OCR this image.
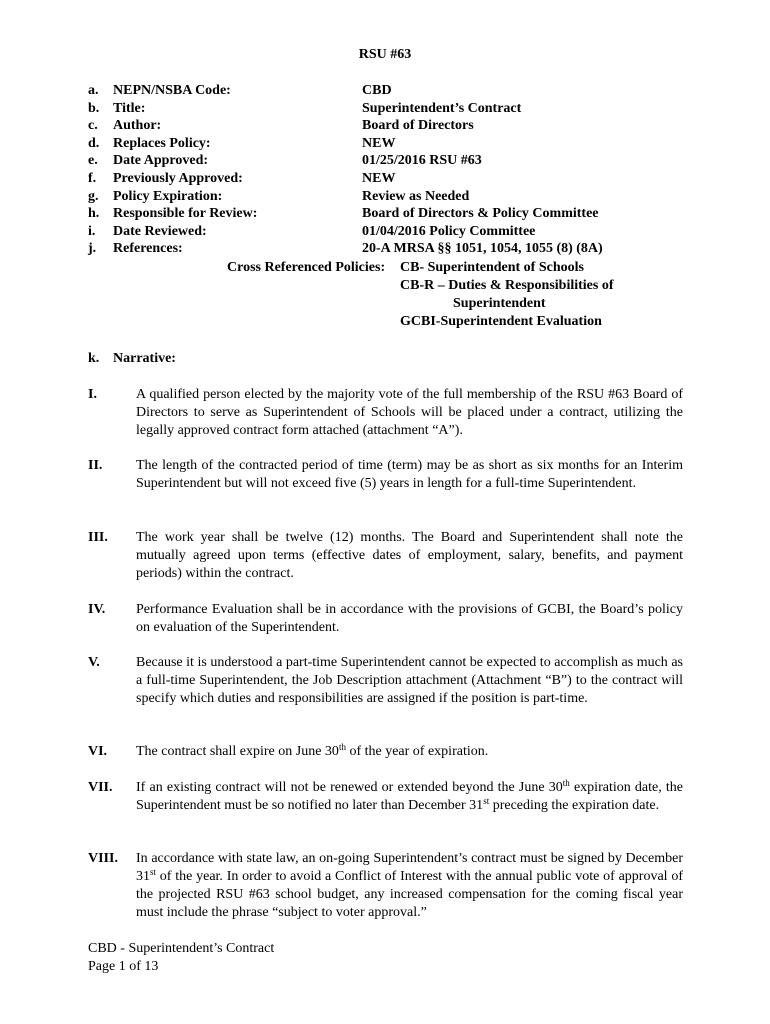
RSU #63
a. NEPN/NSBA Code:	CBD
b. Title:	Superintendent’s Contract
c. Author:	Board of Directors
d. Replaces Policy:	NEW
e. Date Approved:	01/25/2016 RSU #63
f. Previously Approved:	NEW
g. Policy Expiration:	Review as Needed
h. Responsible for Review:	Board of Directors & Policy Committee
i. Date Reviewed:	01/04/2016 Policy Committee
j. References:	20-A MRSA §§ 1051, 1054, 1055 (8) (8A)
Cross Referenced Policies: CB- Superintendent of Schools
CB-R – Duties & Responsibilities of
Superintendent
GCBI-Superintendent Evaluation
k. Narrative:
I.	A qualified person elected by the majority vote of the full membership of the RSU #63 Board of Directors to serve as Superintendent of Schools will be placed under a contract, utilizing the legally approved contract form attached (attachment “A”).
II. The length of the contracted period of time (term) may be as short as six months for an Interim Superintendent but will not exceed five (5) years in length for a full-time Superintendent.
III. The work year shall be twelve (12) months. The Board and Superintendent shall note the mutually agreed upon terms (effective dates of employment, salary, benefits, and payment periods) within the contract.
IV. Performance Evaluation shall be in accordance with the provisions of GCBI, the Board’s policy on evaluation of the Superintendent.
V.	Because it is understood a part-time Superintendent cannot be expected to accomplish as much as a full-time Superintendent, the Job Description attachment (Attachment “B”) to the contract will specify which duties and responsibilities are assigned if the position is part-time.
VI. The contract shall expire on June 30th of the year of expiration.
VII. If an existing contract will not be renewed or extended beyond the June 30th expiration date, the Superintendent must be so notified no later than December 31st preceding the expiration date.
VIII. In accordance with state law, an on-going Superintendent’s contract must be signed by December 31st of the year. In order to avoid a Conflict of Interest with the annual public vote of approval of the projected RSU #63 school budget, any increased compensation for the coming fiscal year must include the phrase “subject to voter approval.”
CBD - Superintendent’s Contract
Page 1 of 13
